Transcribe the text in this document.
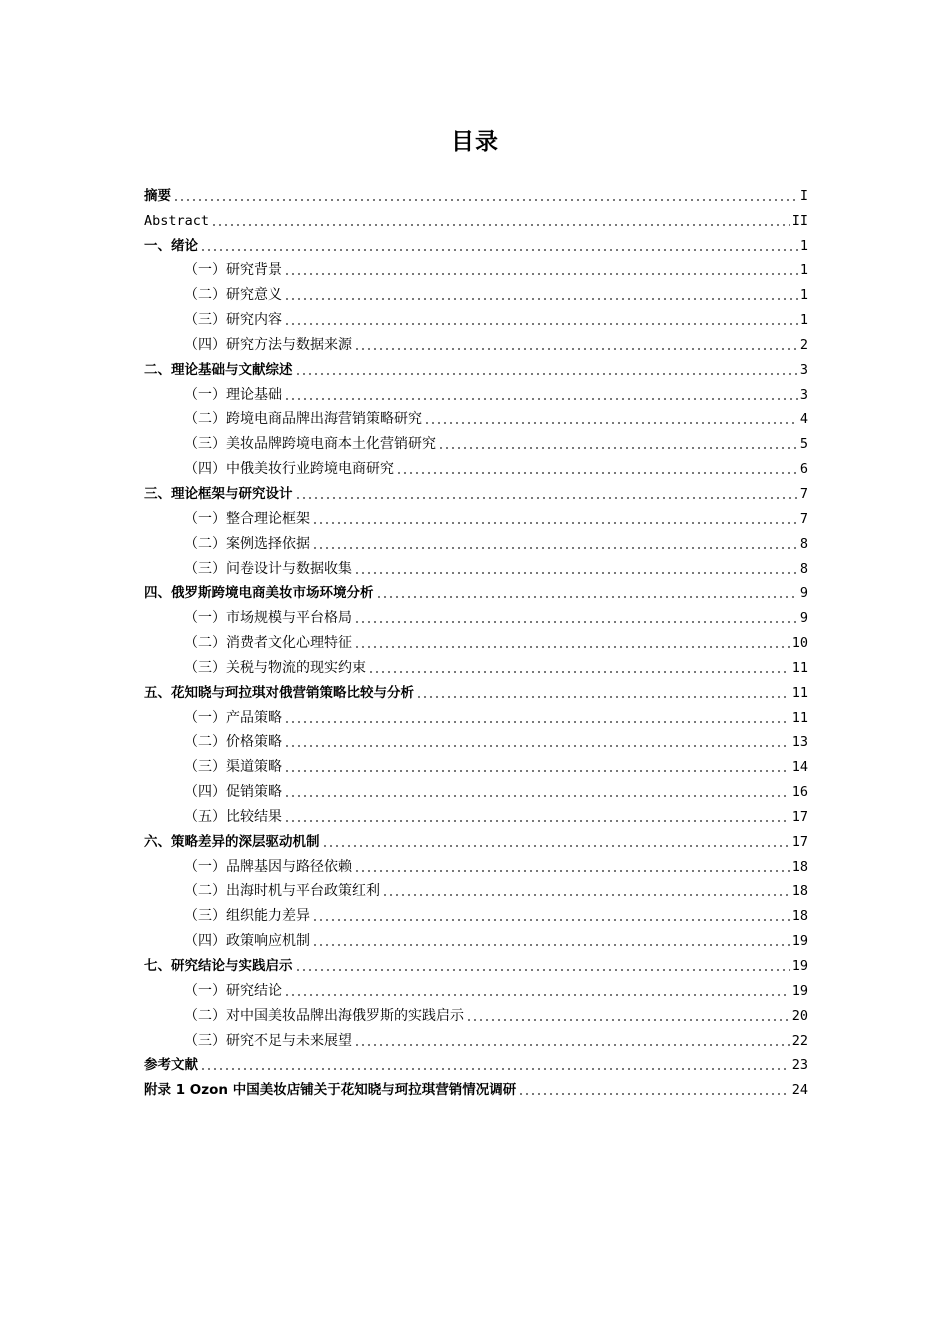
目录
摘要	I
Abstract	II
一、绪论	1
（一）研究背景	1
（二）研究意义	1
（三）研究内容	1
（四）研究方法与数据来源	2
二、理论基础与文献综述	3
（一）理论基础	3
（二）跨境电商品牌出海营销策略研究	4
（三）美妆品牌跨境电商本土化营销研究	5
（四）中俄美妆行业跨境电商研究	6
三、理论框架与研究设计	7
（一）整合理论框架	7
（二）案例选择依据	8
（三）问卷设计与数据收集	8
四、俄罗斯跨境电商美妆市场环境分析	9
（一）市场规模与平台格局	9
（二）消费者文化心理特征	10
（三）关税与物流的现实约束	11
五、花知晓与珂拉琪对俄营销策略比较与分析	11
（一）产品策略	11
（二）价格策略	13
（三）渠道策略	14
（四）促销策略	16
（五）比较结果	17
六、策略差异的深层驱动机制	17
（一）品牌基因与路径依赖	18
（二）出海时机与平台政策红利	18
（三）组织能力差异	18
（四）政策响应机制	19
七、研究结论与实践启示	19
（一）研究结论	19
（二）对中国美妆品牌出海俄罗斯的实践启示	20
（三）研究不足与未来展望	22
参考文献	23
附录 1 Ozon 中国美妆店铺关于花知晓与珂拉琪营销情况调研	24
